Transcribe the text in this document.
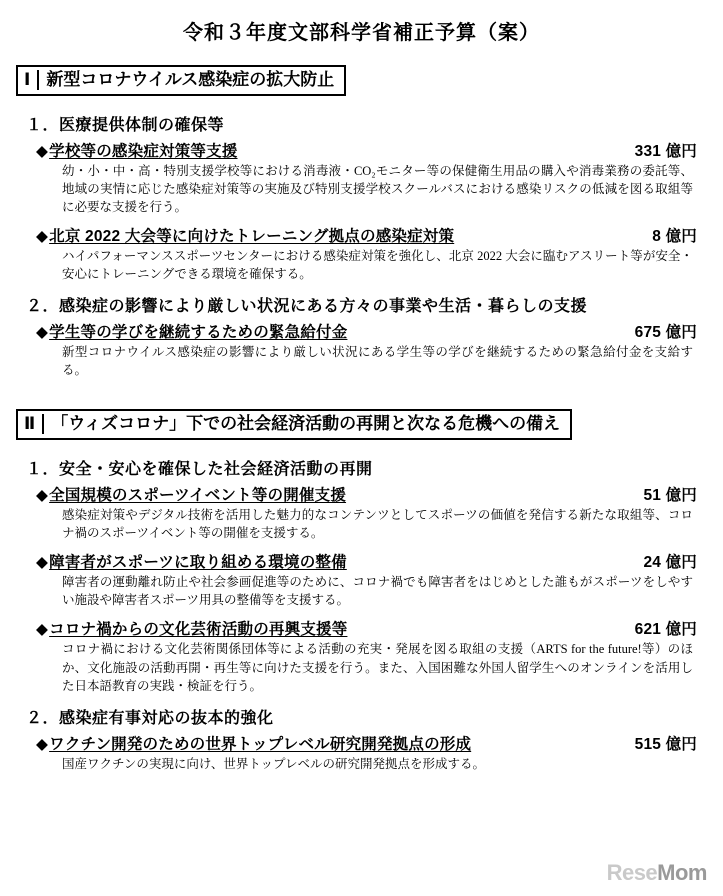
令和３年度文部科学省補正予算（案）
Ⅰ 新型コロナウイルス感染症の拡大防止
１．医療提供体制の確保等
◆ 学校等の感染症対策等支援	331 億円
幼・小・中・高・特別支援学校等における消毒液・CO₂モニター等の保健衛生用品の購入や消毒業務の委託等、地域の実情に応じた感染症対策等の実施及び特別支援学校スクールバスにおける感染リスクの低減を図る取組等に必要な支援を行う。
◆ 北京 2022 大会等に向けたトレーニング拠点の感染症対策	8 億円
ハイパフォーマンススポーツセンターにおける感染症対策を強化し、北京 2022 大会に臨むアスリート等が安全・安心にトレーニングできる環境を確保する。
２．感染症の影響により厳しい状況にある方々の事業や生活・暮らしの支援
◆ 学生等の学びを継続するための緊急給付金	675 億円
新型コロナウイルス感染症の影響により厳しい状況にある学生等の学びを継続するための緊急給付金を支給する。
Ⅱ 「ウィズコロナ」下での社会経済活動の再開と次なる危機への備え
１．安全・安心を確保した社会経済活動の再開
◆ 全国規模のスポーツイベント等の開催支援	51 億円
感染症対策やデジタル技術を活用した魅力的なコンテンツとしてスポーツの価値を発信する新たな取組等、コロナ禍のスポーツイベント等の開催を支援する。
◆ 障害者がスポーツに取り組める環境の整備	24 億円
障害者の運動離れ防止や社会参画促進等のために、コロナ禍でも障害者をはじめとした誰もがスポーツをしやすい施設や障害者スポーツ用具の整備等を支援する。
◆ コロナ禍からの文化芸術活動の再興支援等	621 億円
コロナ禍における文化芸術関係団体等による活動の充実・発展を図る取組の支援（ARTS for the future!等）のほか、文化施設の活動再開・再生等に向けた支援を行う。また、入国困難な外国人留学生へのオンラインを活用した日本語教育の実践・検証を行う。
２．感染症有事対応の抜本的強化
◆ ワクチン開発のための世界トップレベル研究開発拠点の形成	515 億円
国産ワクチンの実現に向け、世界トップレベルの研究開発拠点を形成する。
ReseMom
